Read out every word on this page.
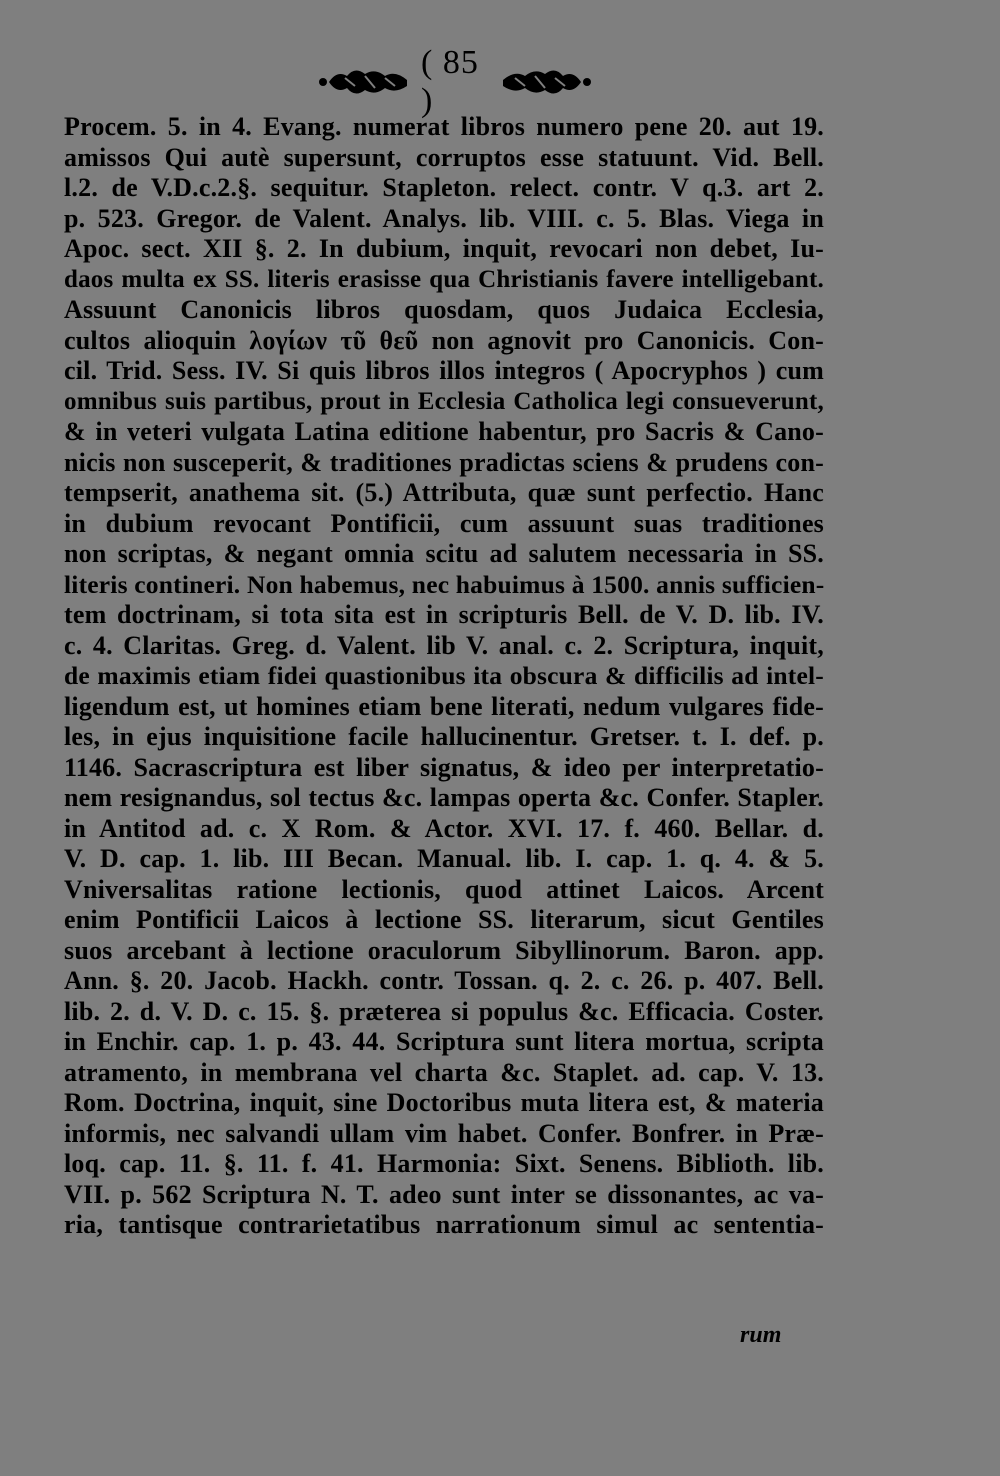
( 85 )
Procem. 5. in 4. Evang. numerat libros numero pene 20. aut 19.
amissos Qui autè supersunt, corruptos esse statuunt. Vid. Bell.
l.2. de V.D.c.2.§. sequitur. Stapleton. relect. contr. V q.3. art 2.
p. 523. Gregor. de Valent. Analys. lib. VIII. c. 5. Blas. Viega in
Apoc. sect. XII §. 2. In dubium, inquit, revocari non debet, Iu-
daos multa ex SS. literis erasisse qua Christianis favere intelligebant.
Assuunt Canonicis libros quosdam, quos Judaica Ecclesia,
cultos alioquin λογίων τῦ θεῦ non agnovit pro Canonicis. Con-
cil. Trid. Sess. IV. Si quis libros illos integros ( Apocryphos ) cum
omnibus suis partibus, prout in Ecclesia Catholica legi consueverunt,
& in veteri vulgata Latina editione habentur, pro Sacris & Cano-
nicis non susceperit, & traditiones pradictas sciens & prudens con-
tempserit, anathema sit. (5.) Attributa, quæ sunt perfectio. Hanc
in dubium revocant Pontificii, cum assuunt suas traditiones
non scriptas, & negant omnia scitu ad salutem necessaria in SS.
literis contineri. Non habemus, nec habuimus à 1500. annis sufficien-
tem doctrinam, si tota sita est in scripturis Bell. de V. D. lib. IV.
c. 4. Claritas. Greg. d. Valent. lib V. anal. c. 2. Scriptura, inquit,
de maximis etiam fidei quastionibus ita obscura & difficilis ad intel-
ligendum est, ut homines etiam bene literati, nedum vulgares fide-
les, in ejus inquisitione facile hallucinentur. Gretser. t. I. def. p.
1146. Sacrascriptura est liber signatus, & ideo per interpretatio-
nem resignandus, sol tectus &c. lampas operta &c. Confer. Stapler.
in Antitod ad. c. X Rom. & Actor. XVI. 17. f. 460. Bellar. d.
V. D. cap. 1. lib. III Becan. Manual. lib. I. cap. 1. q. 4. & 5.
Vniversalitas ratione lectionis, quod attinet Laicos. Arcent
enim Pontificii Laicos à lectione SS. literarum, sicut Gentiles
suos arcebant à lectione oraculorum Sibyllinorum. Baron. app.
Ann. §. 20. Jacob. Hackh. contr. Tossan. q. 2. c. 26. p. 407. Bell.
lib. 2. d. V. D. c. 15. §. præterea si populus &c. Efficacia. Coster.
in Enchir. cap. 1. p. 43. 44. Scriptura sunt litera mortua, scripta
atramento, in membrana vel charta &c. Staplet. ad. cap. V. 13.
Rom. Doctrina, inquit, sine Doctoribus muta litera est, & materia
informis, nec salvandi ullam vim habet. Confer. Bonfrer. in Præ-
loq. cap. 11. §. 11. f. 41. Harmonia: Sixt. Senens. Biblioth. lib.
VII. p. 562 Scriptura N. T. adeo sunt inter se dissonantes, ac va-
ria, tantisque contrarietatibus narrationum simul ac sententia-
rum
